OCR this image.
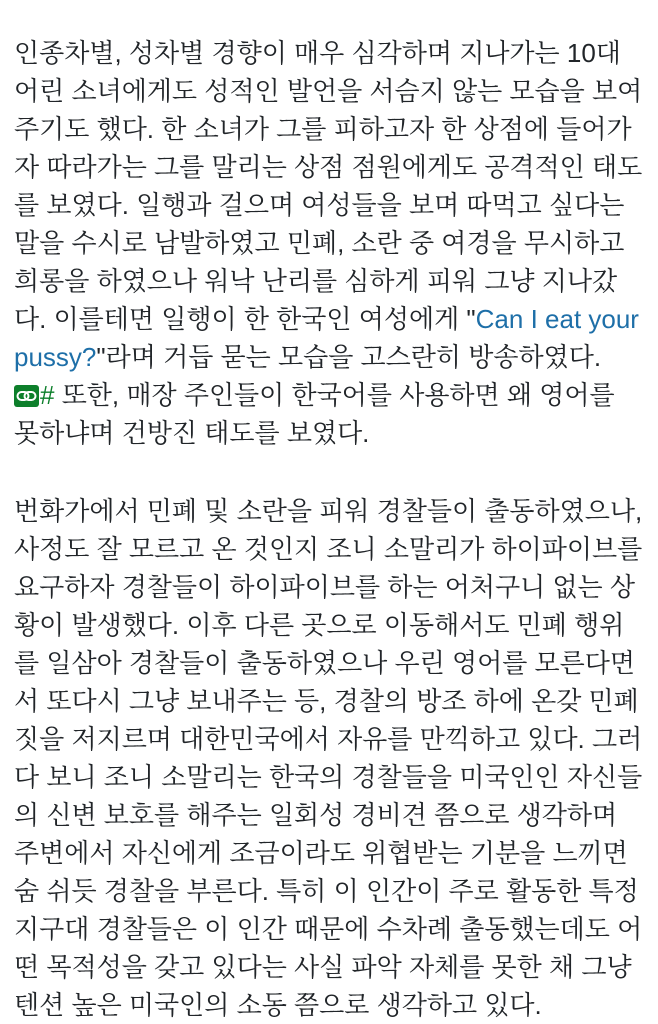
인종차별, 성차별 경향이 매우 심각하며 지나가는 10대 어린 소녀에게도 성적인 발언을 서슴지 않는 모습을 보여주기도 했다. 한 소녀가 그를 피하고자 한 상점에 들어가자 따라가는 그를 말리는 상점 점원에게도 공격적인 태도를 보였다. 일행과 걸으며 여성들을 보며 따먹고 싶다는 말을 수시로 남발하였고 민폐, 소란 중 여경을 무시하고 희롱을 하였으나 워낙 난리를 심하게 피워 그냥 지나갔다. 이를테면 일행이 한 한국인 여성에게 "Can I eat your pussy?"라며 거듭 묻는 모습을 고스란히 방송하였다. # 또한, 매장 주인들이 한국어를 사용하면 왜 영어를 못하냐며 건방진 태도를 보였다.

번화가에서 민폐 및 소란을 피워 경찰들이 출동하였으나, 사정도 잘 모르고 온 것인지 조니 소말리가 하이파이브를 요구하자 경찰들이 하이파이브를 하는 어처구니 없는 상황이 발생했다. 이후 다른 곳으로 이동해서도 민폐 행위를 일삼아 경찰들이 출동하였으나 우린 영어를 모른다면서 또다시 그냥 보내주는 등, 경찰의 방조 하에 온갖 민폐 짓을 저지르며 대한민국에서 자유를 만끽하고 있다. 그러다 보니 조니 소말리는 한국의 경찰들을 미국인인 자신들의 신변 보호를 해주는 일회성 경비견 쯤으로 생각하며 주변에서 자신에게 조금이라도 위협받는 기분을 느끼면 숨 쉬듯 경찰을 부른다. 특히 이 인간이 주로 활동한 특정 지구대 경찰들은 이 인간 때문에 수차례 출동했는데도 어떤 목적성을 갖고 있다는 사실 파악 자체를 못한 채 그냥 텐션 높은 미국인의 소동 쯤으로 생각하고 있다.
